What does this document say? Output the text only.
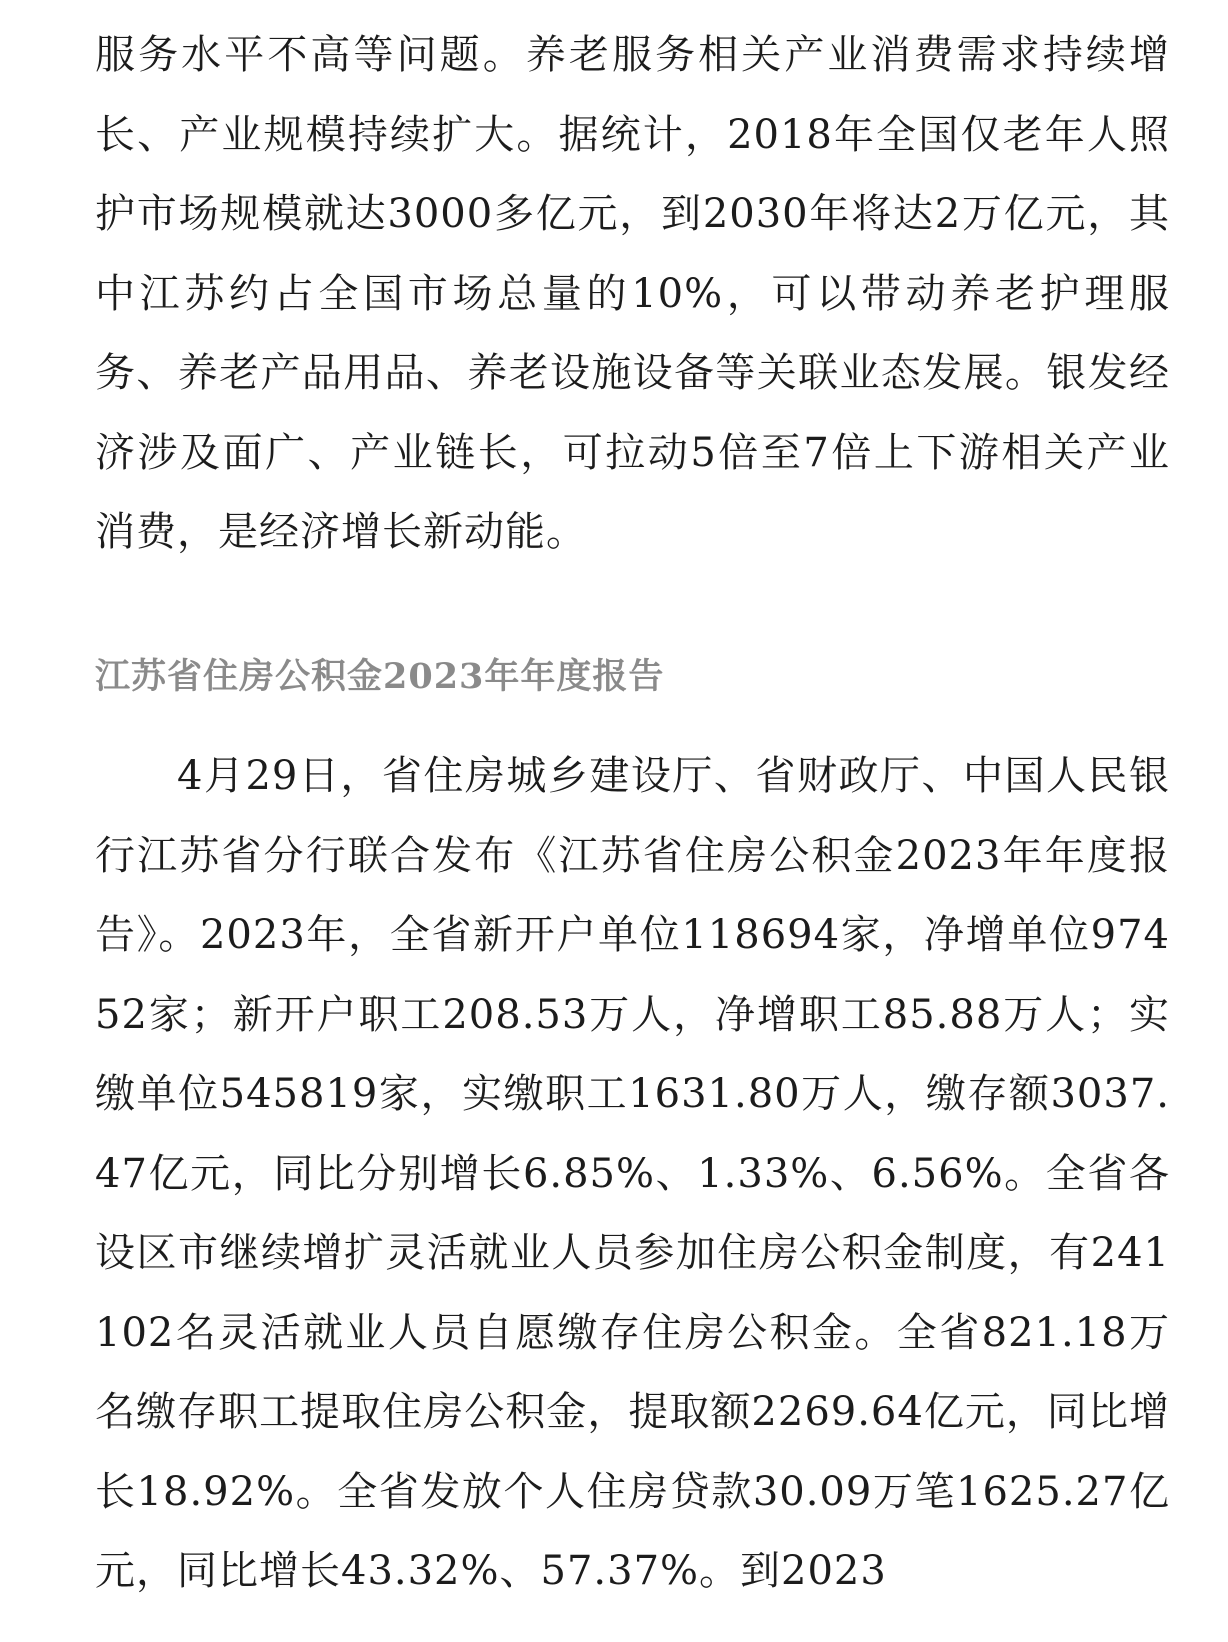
服务水平不高等问题。养老服务相关产业消费需求持续增长、产业规模持续扩大。据统计，2018年全国仅老年人照护市场规模就达3000多亿元，到2030年将达2万亿元，其中江苏约占全国市场总量的10%，可以带动养老护理服务、养老产品用品、养老设施设备等关联业态发展。银发经济涉及面广、产业链长，可拉动5倍至7倍上下游相关产业消费，是经济增长新动能。

江苏省住房公积金2023年年度报告

4月29日，省住房城乡建设厅、省财政厅、中国人民银行江苏省分行联合发布《江苏省住房公积金2023年年度报告》。2023年，全省新开户单位118694家，净增单位97452家；新开户职工208.53万人，净增职工85.88万人；实缴单位545819家，实缴职工1631.80万人，缴存额3037.47亿元，同比分别增长6.85%、1.33%、6.56%。全省各设区市继续增扩灵活就业人员参加住房公积金制度，有241102名灵活就业人员自愿缴存住房公积金。全省821.18万名缴存职工提取住房公积金，提取额2269.64亿元，同比增长18.92%。全省发放个人住房贷款30.09万笔1625.27亿元，同比增长43.32%、57.37%。到2023
